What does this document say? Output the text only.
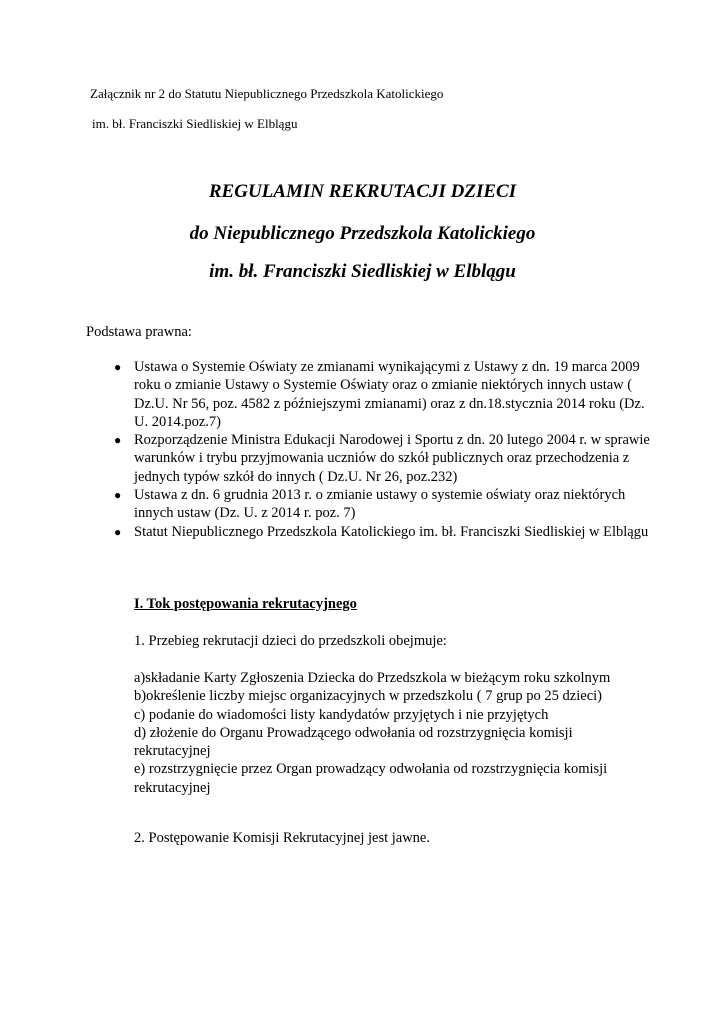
Załącznik nr 2 do Statutu Niepublicznego Przedszkola Katolickiego
im. bł. Franciszki Siedliskiej w Elblągu
REGULAMIN REKRUTACJI DZIECI
do Niepublicznego Przedszkola Katolickiego
im. bł. Franciszki Siedliskiej w Elblągu
Podstawa prawna:
● Ustawa o Systemie Oświaty ze zmianami wynikającymi z Ustawy z dn. 19 marca 2009 roku o zmianie Ustawy o Systemie Oświaty oraz o zmianie niektórych innych ustaw ( Dz.U. Nr 56, poz. 4582 z późniejszymi zmianami) oraz z dn.18.stycznia 2014 roku (Dz. U. 2014.poz.7)
● Rozporządzenie Ministra Edukacji Narodowej i Sportu z dn. 20 lutego 2004 r. w sprawie warunków i trybu przyjmowania uczniów do szkół publicznych oraz przechodzenia z jednych typów szkół do innych ( Dz.U. Nr 26, poz.232)
● Ustawa z dn. 6 grudnia 2013 r. o zmianie ustawy o systemie oświaty oraz niektórych innych ustaw (Dz. U. z 2014 r. poz. 7)
● Statut Niepublicznego Przedszkola Katolickiego im. bł. Franciszki Siedliskiej w Elblągu
I. Tok postępowania rekrutacyjnego
1. Przebieg rekrutacji dzieci do przedszkoli obejmuje:
a)składanie Karty Zgłoszenia Dziecka do Przedszkola w bieżącym roku szkolnym
b)określenie liczby miejsc organizacyjnych w przedszkolu ( 7 grup po 25 dzieci)
c) podanie do wiadomości listy kandydatów przyjętych i nie przyjętych
d) złożenie do Organu Prowadzącego odwołania od rozstrzygnięcia komisji rekrutacyjnej
e) rozstrzygnięcie przez Organ prowadzący odwołania od rozstrzygnięcia komisji rekrutacyjnej
2. Postępowanie Komisji Rekrutacyjnej jest jawne.
